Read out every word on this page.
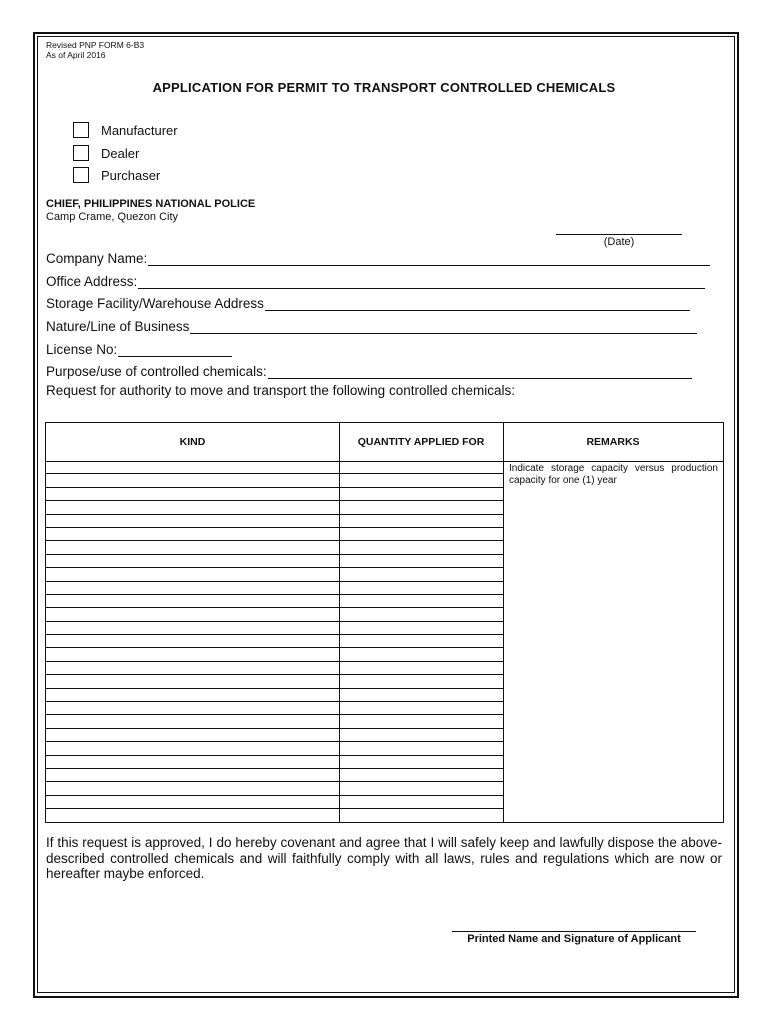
Revised PNP FORM 6-B3
As of April 2016
APPLICATION FOR PERMIT TO TRANSPORT CONTROLLED CHEMICALS
Manufacturer
Dealer
Purchaser
CHIEF, PHILIPPINES NATIONAL POLICE
Camp Crame, Quezon City
(Date)
Company Name:
Office Address:
Storage Facility/Warehouse Address
Nature/Line of Business
License No:
Purpose/use of controlled chemicals:
Request for authority to move and transport the following controlled chemicals:
KIND	QUANTITY APPLIED FOR	REMARKS
Indicate storage capacity versus production capacity for one (1) year
If this request is approved, I do hereby covenant and agree that I will safely keep and lawfully dispose the above-described controlled chemicals and will faithfully comply with all laws, rules and regulations which are now or hereafter maybe enforced.
Printed Name and Signature of Applicant
